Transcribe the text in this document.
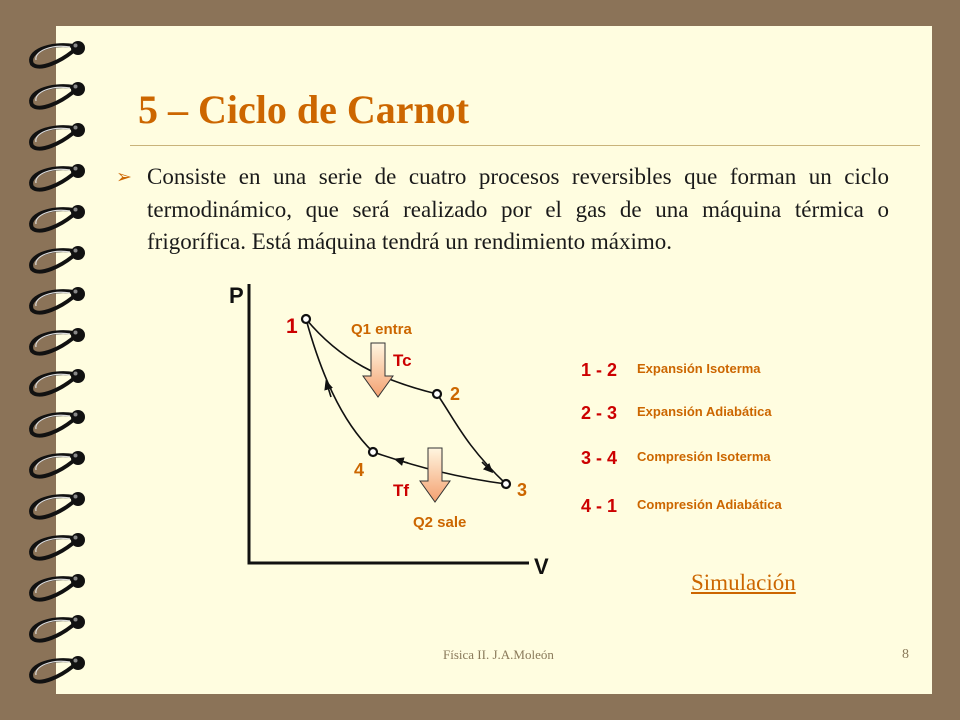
5 – Ciclo de Carnot
➢ Consiste en una serie de cuatro procesos reversibles que forman un ciclo termodinámico, que será realizado por el gas de una máquina térmica o frigorífica. Está máquina tendrá un rendimiento máximo.

P
V
1
2
3
4
Q1 entra
Tc
Tf
Q2 sale
1 - 2 Expansión Isoterma
2 - 3 Expansión Adiabática
3 - 4 Compresión Isoterma
4 - 1 Compresión Adiabática
Simulación
Física II. J.A.Moleón	8
